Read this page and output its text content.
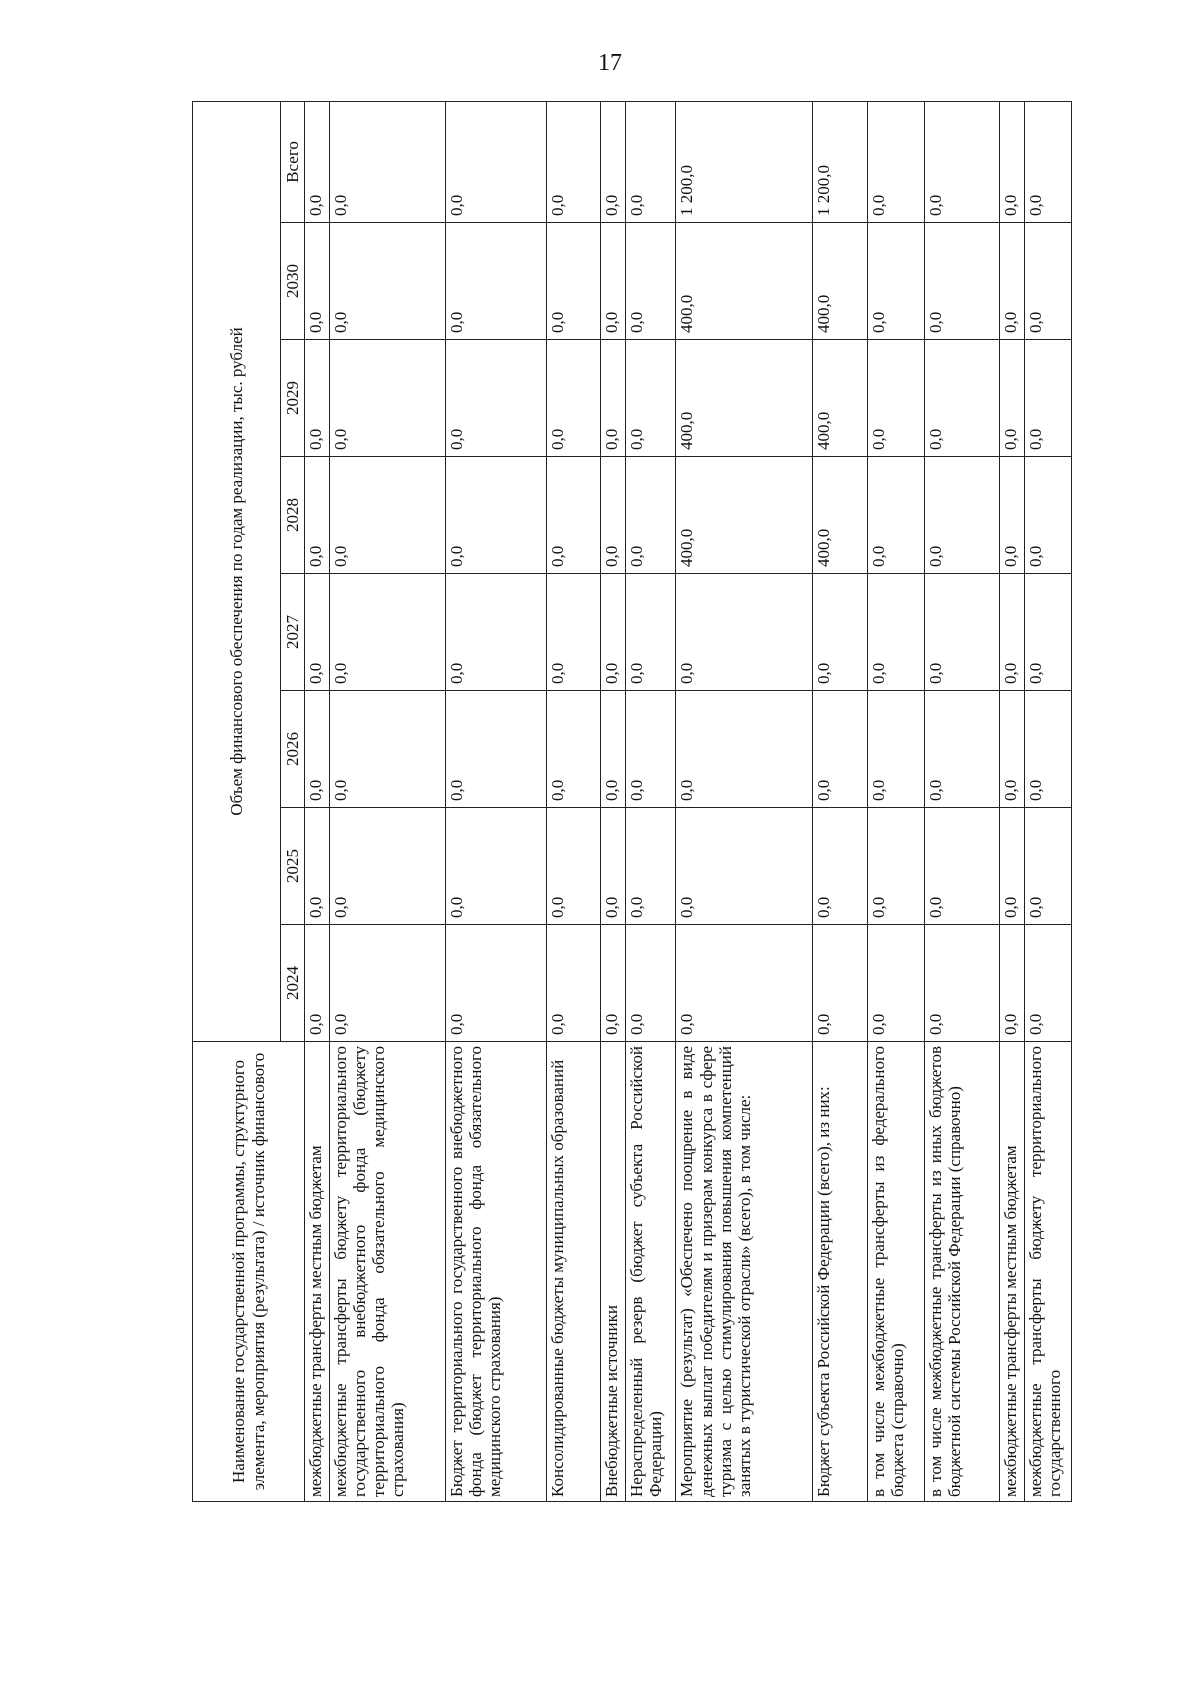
17
Наименование государственной программы, структурного элемента, мероприятия (результата) / источник финансового	Объем финансового обеспечения по годам реализации, тыс. рублей							
	2024	2025	2026	2027	2028	2029	2030	Всего
межбюджетные трансферты местным бюджетам	0,0	0,0	0,0	0,0	0,0	0,0	0,0	0,0
межбюджетные трансферты бюджету территориального государственного внебюджетного фонда (бюджету территориального фонда обязательного медицинского страхования)	0,0	0,0	0,0	0,0	0,0	0,0	0,0	0,0
Бюджет территориального государственного внебюджетного фонда (бюджет территориального фонда обязательного медицинского страхования)	0,0	0,0	0,0	0,0	0,0	0,0	0,0	0,0
Консолидированные бюджеты муниципальных образований	0,0	0,0	0,0	0,0	0,0	0,0	0,0	0,0
Внебюджетные источники	0,0	0,0	0,0	0,0	0,0	0,0	0,0	0,0
Нераспределенный резерв (бюджет субъекта Российской Федерации)	0,0	0,0	0,0	0,0	0,0	0,0	0,0	0,0
Мероприятие (результат) «Обеспечено поощрение в виде денежных выплат победителям и призерам конкурса в сфере туризма с целью стимулирования повышения компетенций занятых в туристической отрасли» (всего), в том числе:	0,0	0,0	0,0	0,0	400,0	400,0	400,0	1 200,0
Бюджет субъекта Российской Федерации (всего), из них:	0,0	0,0	0,0	0,0	400,0	400,0	400,0	1 200,0
в том числе межбюджетные трансферты из федерального бюджета (справочно)	0,0	0,0	0,0	0,0	0,0	0,0	0,0	0,0
в том числе межбюджетные трансферты из иных бюджетов бюджетной системы Российской Федерации (справочно)	0,0	0,0	0,0	0,0	0,0	0,0	0,0	0,0
межбюджетные трансферты местным бюджетам	0,0	0,0	0,0	0,0	0,0	0,0	0,0	0,0
межбюджетные трансферты бюджету территориального государственного	0,0	0,0	0,0	0,0	0,0	0,0	0,0	0,0
